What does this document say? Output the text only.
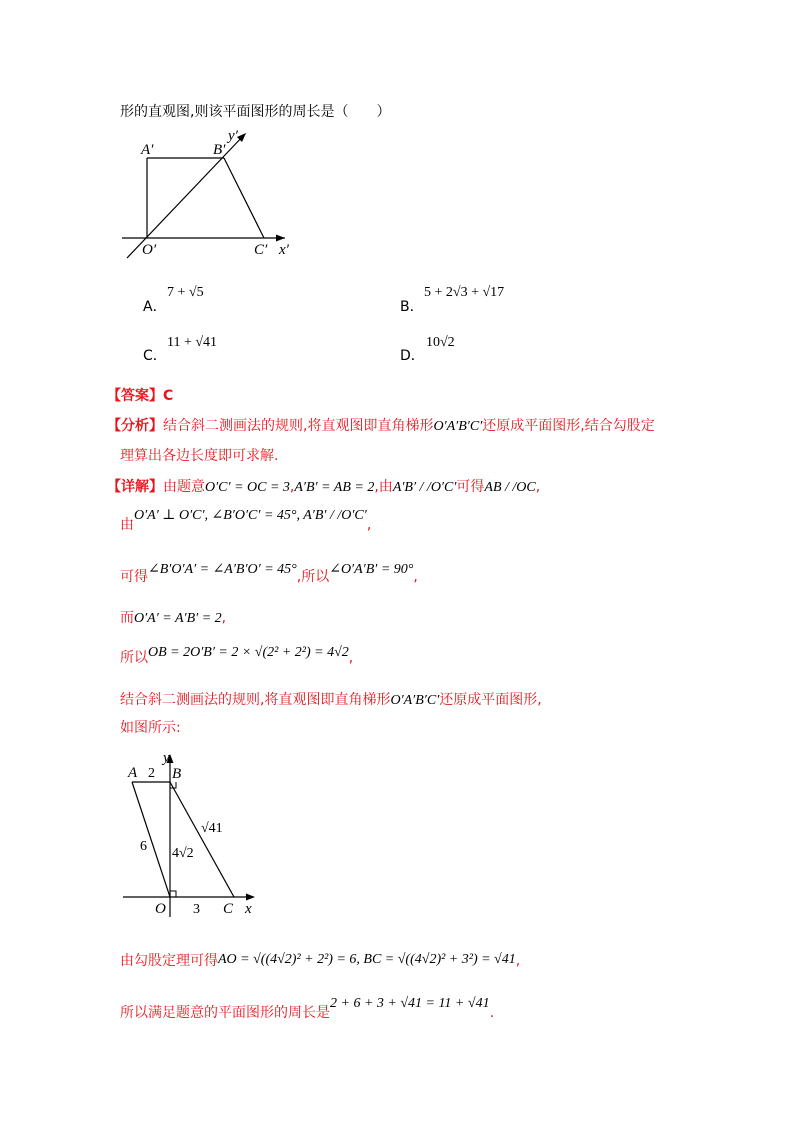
形的直观图,则该平面图形的周长是（　　）
A′	B′
O′	C′ x′
y′
A．
7 + √5
B．
5 + 2√3 + √17
C．
11 + √41
D．
10√2
【答案】C
【分析】结合斜二测画法的规则,将直观图即直角梯形O′A′B′C′还原成平面图形,结合勾股定
理算出各边长度即可求解.
【详解】由题意O′C′ = OC = 3,A′B′ = AB = 2,由A′B′ / /O′C′可得AB / /OC,
由O′A′ ⊥ O′C′, ∠B′O′C′ = 45°, A′B′ / /O′C′,
可得∠B′O′A′ = ∠A′B′O′ = 45°,所以∠O′A′B′ = 90°,
而O′A′ = A′B′ = 2,
所以OB = 2O′B′ = 2 × √(2² + 2²) = 4√2,
结合斜二测画法的规则,将直观图即直角梯形O′A′B′C′还原成平面图形,
如图所示:
A 2 B
y
6 4√2
√41
O 3 C x
由勾股定理可得AO = √((4√2)² + 2²) = 6, BC = √((4√2)² + 3²) = √41,
所以满足题意的平面图形的周长是2 + 6 + 3 + √41 = 11 + √41.
